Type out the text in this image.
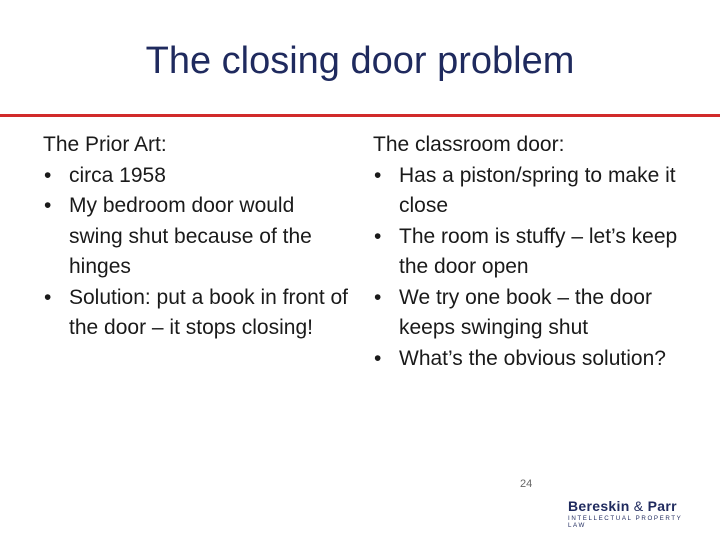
The closing door problem
The Prior Art:
• circa 1958
• My bedroom door would swing shut because of the hinges
• Solution: put a book in front of the door – it stops closing!
The classroom door:
• Has a piston/spring to make it close
• The room is stuffy – let’s keep the door open
• We try one book – the door keeps swinging shut
• What’s the obvious solution?
24
Bereskin & Parr
INTELLECTUAL PROPERTY LAW
